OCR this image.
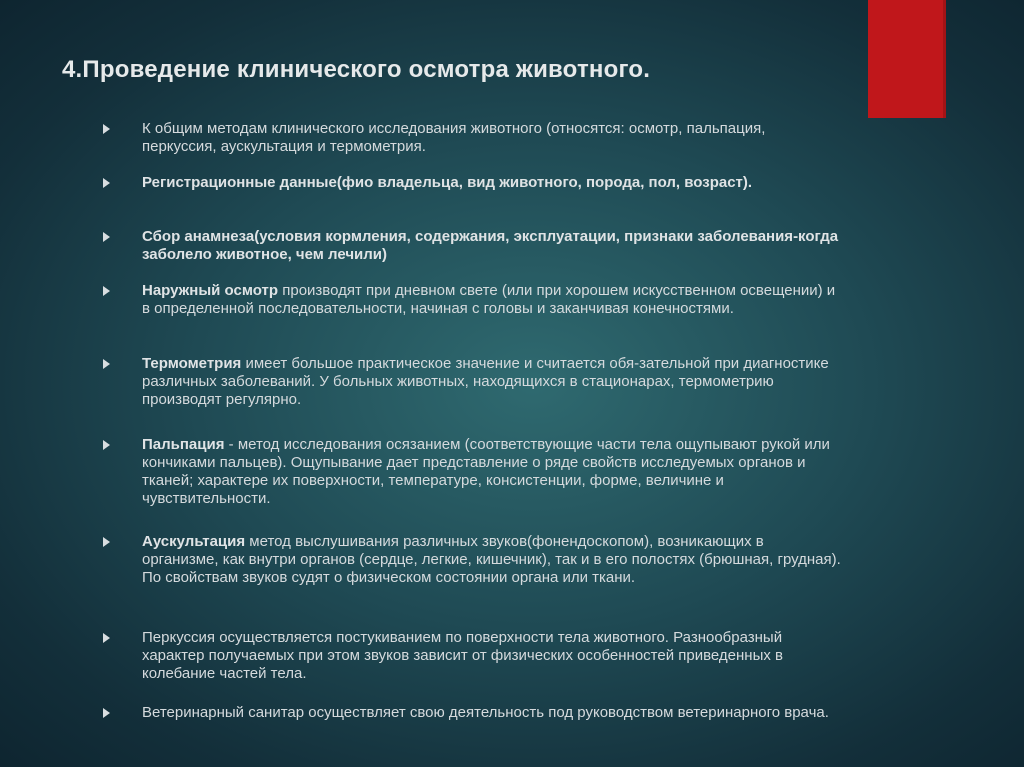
4.Проведение клинического осмотра животного.
К общим методам клинического исследования животного (относятся: осмотр, пальпация, перкуссия, аускультация и термометрия.
Регистрационные данные(фио владельца, вид животного, порода, пол, возраст).
Сбор анамнеза(условия кормления, содержания, эксплуатации, признаки заболевания-когда заболело животное, чем лечили)
Наружный осмотр производят при дневном свете (или при хорошем искусственном освещении) и в определенной последовательности, начиная с головы и заканчивая конечностями.
Термометрия имеет большое практическое значение и считается обя-зательной при диагностике различных заболеваний. У больных животных, находящихся в стационарах, термометрию производят регулярно.
Пальпация - метод исследования осязанием (соответствующие части тела ощупывают рукой или кончиками пальцев). Ощупывание дает представление о ряде свойств исследуемых органов и тканей; характере их поверхности, температуре, консистенции, форме, величине и чувствительности.
Аускультация метод выслушивания различных звуков(фонендоскопом), возникающих в организме, как внутри органов (сердце, легкие, кишечник), так и в его полостях (брюшная, грудная). По свойствам звуков судят о физическом состоянии органа или ткани.
Перкуссия осуществляется постукиванием по поверхности тела животного. Разнообразный характер получаемых при этом звуков зависит от физических особенностей приведенных в колебание частей тела.
Ветеринарный санитар осуществляет свою деятельность под руководством ветеринарного врача.
